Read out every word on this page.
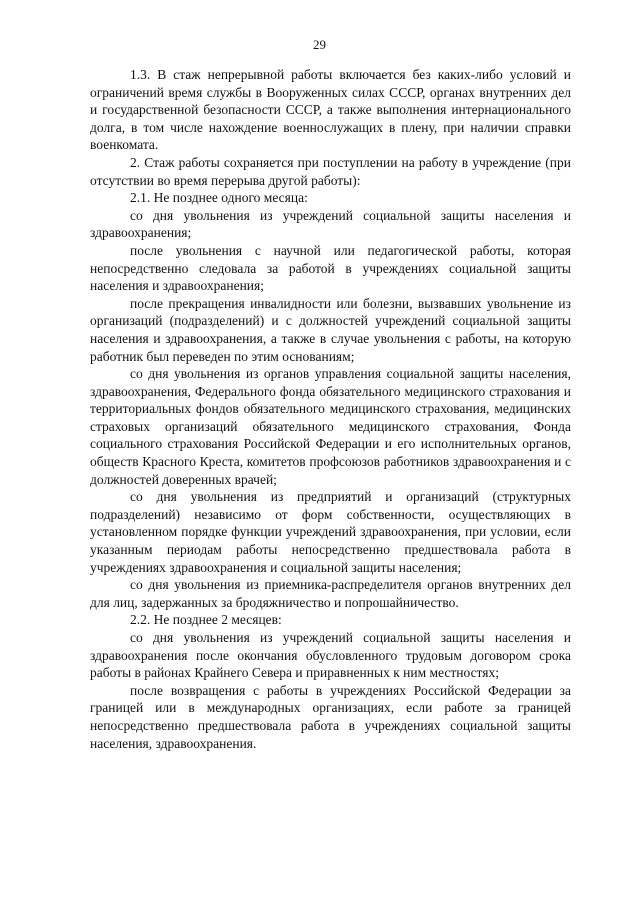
29

1.3. В стаж непрерывной работы включается без каких-либо условий и ограничений время службы в Вооруженных силах СССР, органах внутренних дел и государственной безопасности СССР, а также выполнения интернационального долга, в том числе нахождение военнослужащих в плену, при наличии справки военкомата.

2. Стаж работы сохраняется при поступлении на работу в учреждение (при отсутствии во время перерыва другой работы):

2.1. Не позднее одного месяца:

со дня увольнения из учреждений социальной защиты населения и здравоохранения;

после увольнения с научной или педагогической работы, которая непосредственно следовала за работой в учреждениях социальной защиты населения и здравоохранения;

после прекращения инвалидности или болезни, вызвавших увольнение из организаций (подразделений) и с должностей учреждений социальной защиты населения и здравоохранения, а также в случае увольнения с работы, на которую работник был переведен по этим основаниям;

со дня увольнения из органов управления социальной защиты населения, здравоохранения, Федерального фонда обязательного медицинского страхования и территориальных фондов обязательного медицинского страхования, медицинских страховых организаций обязательного медицинского страхования, Фонда социального страхования Российской Федерации и его исполнительных органов, обществ Красного Креста, комитетов профсоюзов работников здравоохранения и с должностей доверенных врачей;

со дня увольнения из предприятий и организаций (структурных подразделений) независимо от форм собственности, осуществляющих в установленном порядке функции учреждений здравоохранения, при условии, если указанным периодам работы непосредственно предшествовала работа в учреждениях здравоохранения и социальной защиты населения;

со дня увольнения из приемника-распределителя органов внутренних дел для лиц, задержанных за бродяжничество и попрошайничество.

2.2. Не позднее 2 месяцев:

со дня увольнения из учреждений социальной защиты населения и здравоохранения после окончания обусловленного трудовым договором срока работы в районах Крайнего Севера и приравненных к ним местностях;

после возвращения с работы в учреждениях Российской Федерации за границей или в международных организациях, если работе за границей непосредственно предшествовала работа в учреждениях социальной защиты населения, здравоохранения.
